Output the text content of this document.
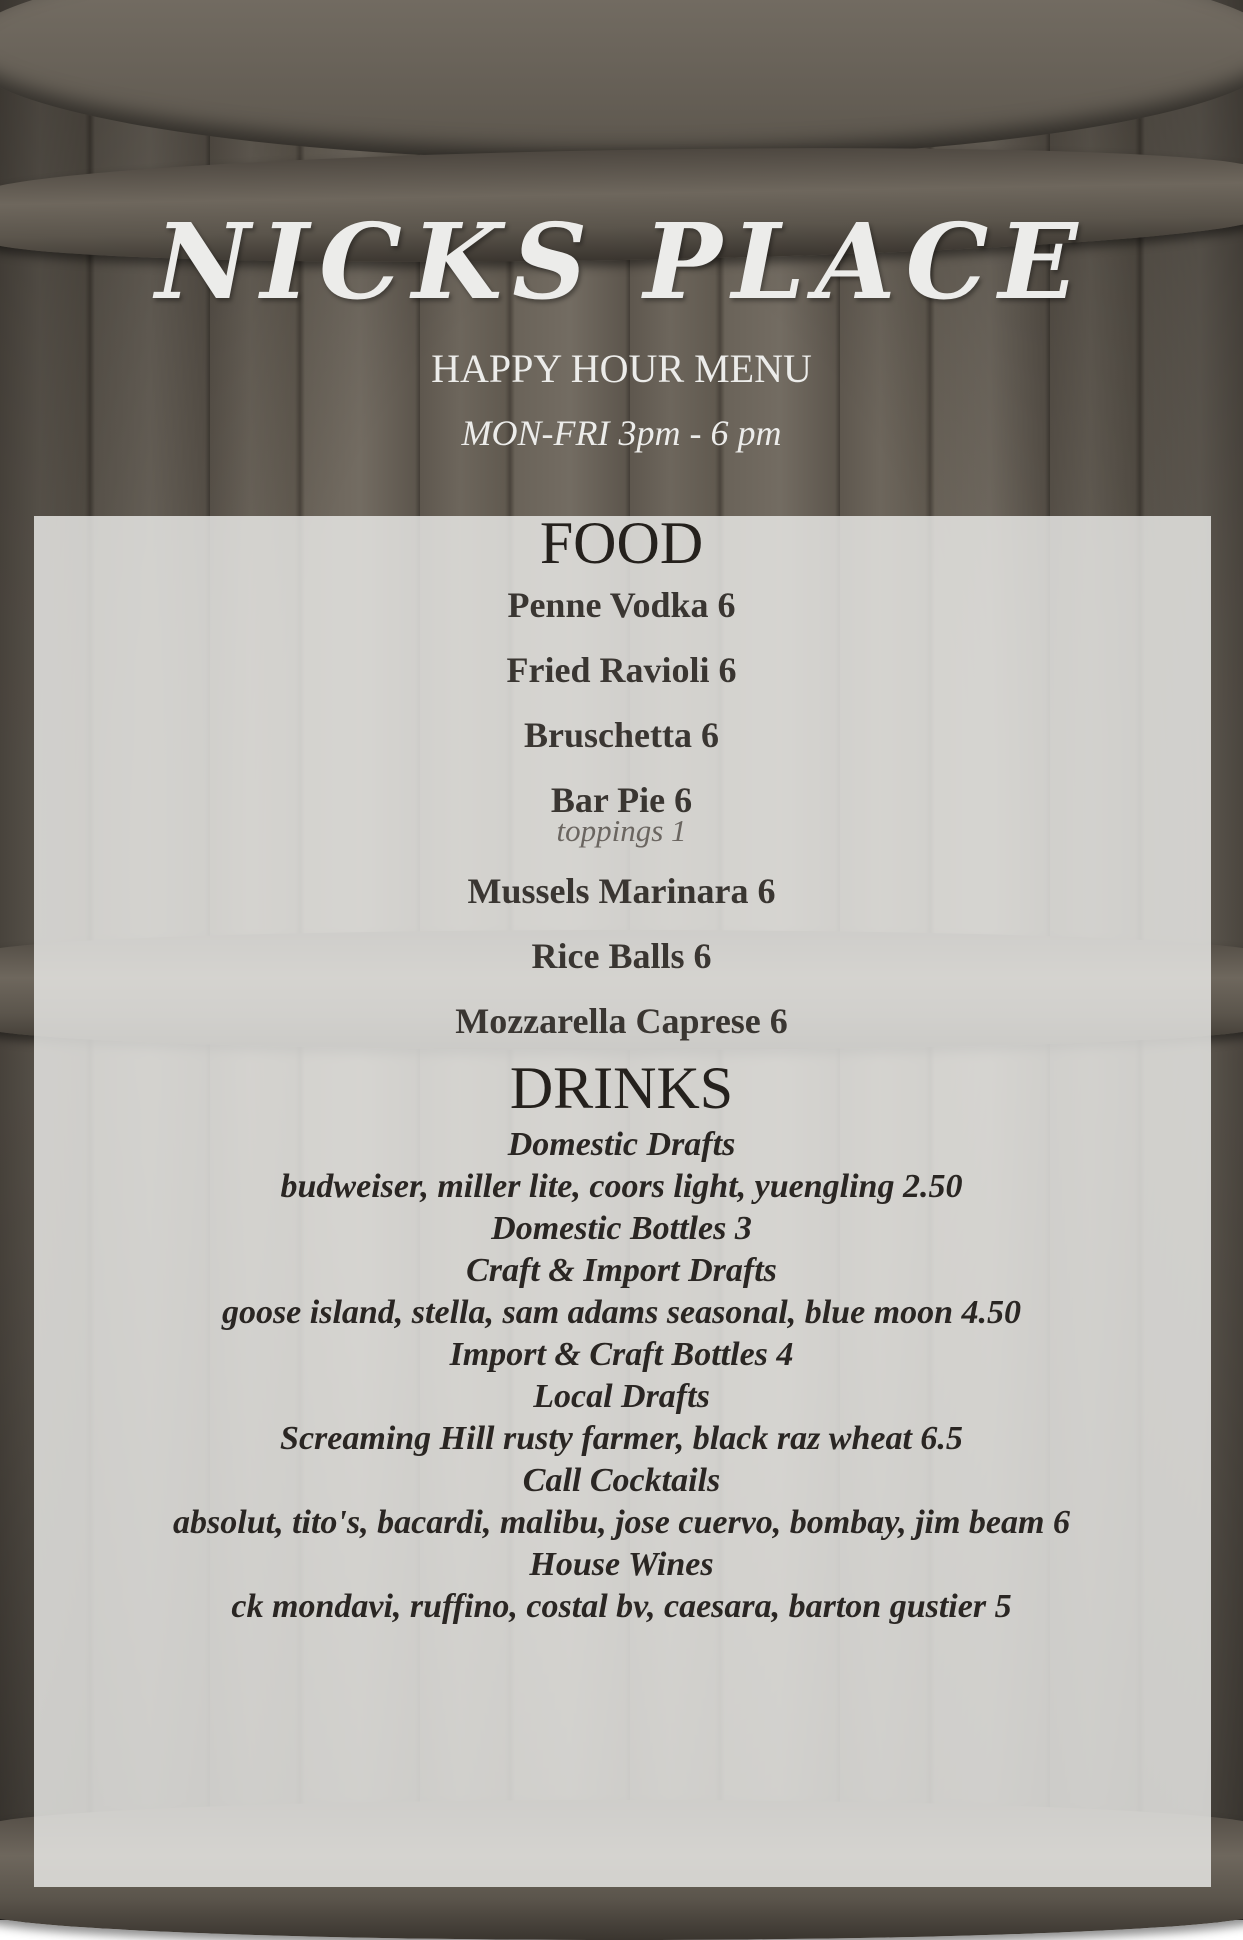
NICKS PLACE
HAPPY HOUR MENU
MON-FRI 3pm - 6 pm
FOOD
Penne Vodka 6
Fried Ravioli 6
Bruschetta 6
Bar Pie 6
toppings 1
Mussels Marinara 6
Rice Balls 6
Mozzarella Caprese 6
DRINKS
Domestic Drafts
budweiser, miller lite, coors light, yuengling 2.50
Domestic Bottles 3
Craft & Import Drafts
goose island, stella, sam adams seasonal, blue moon 4.50
Import & Craft Bottles 4
Local Drafts
Screaming Hill rusty farmer, black raz wheat 6.5
Call Cocktails
absolut, tito's, bacardi, malibu, jose cuervo, bombay, jim beam 6
House Wines
ck mondavi, ruffino, costal bv, caesara, barton gustier 5
